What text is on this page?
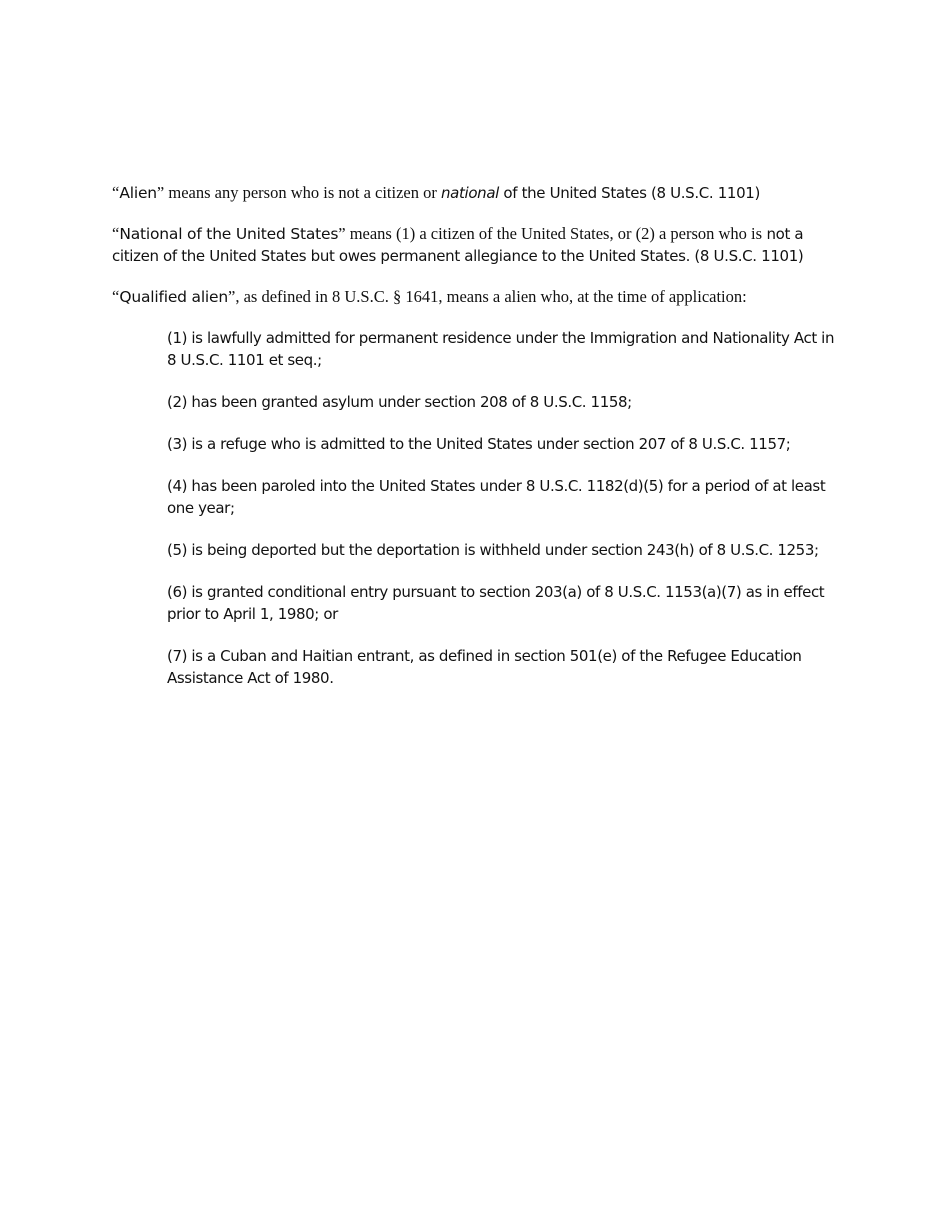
“Alien” means any person who is not a citizen or national of the United States (8 U.S.C. 1101)

“National of the United States” means (1) a citizen of the United States, or (2) a person who is not a citizen of the United States but owes permanent allegiance to the United States. (8 U.S.C. 1101)

“Qualified alien”, as defined in 8 U.S.C. § 1641, means a alien who, at the time of application:

(1) is lawfully admitted for permanent residence under the Immigration and Nationality Act in 8 U.S.C. 1101 et seq.;
(2) has been granted asylum under section 208 of 8 U.S.C. 1158;
(3) is a refuge who is admitted to the United States under section 207 of 8 U.S.C. 1157;
(4) has been paroled into the United States under 8 U.S.C. 1182(d)(5) for a period of at least one year;
(5) is being deported but the deportation is withheld under section 243(h) of 8 U.S.C. 1253;
(6) is granted conditional entry pursuant to section 203(a) of 8 U.S.C. 1153(a)(7) as in effect prior to April 1, 1980; or
(7) is a Cuban and Haitian entrant, as defined in section 501(e) of the Refugee Education Assistance Act of 1980.
